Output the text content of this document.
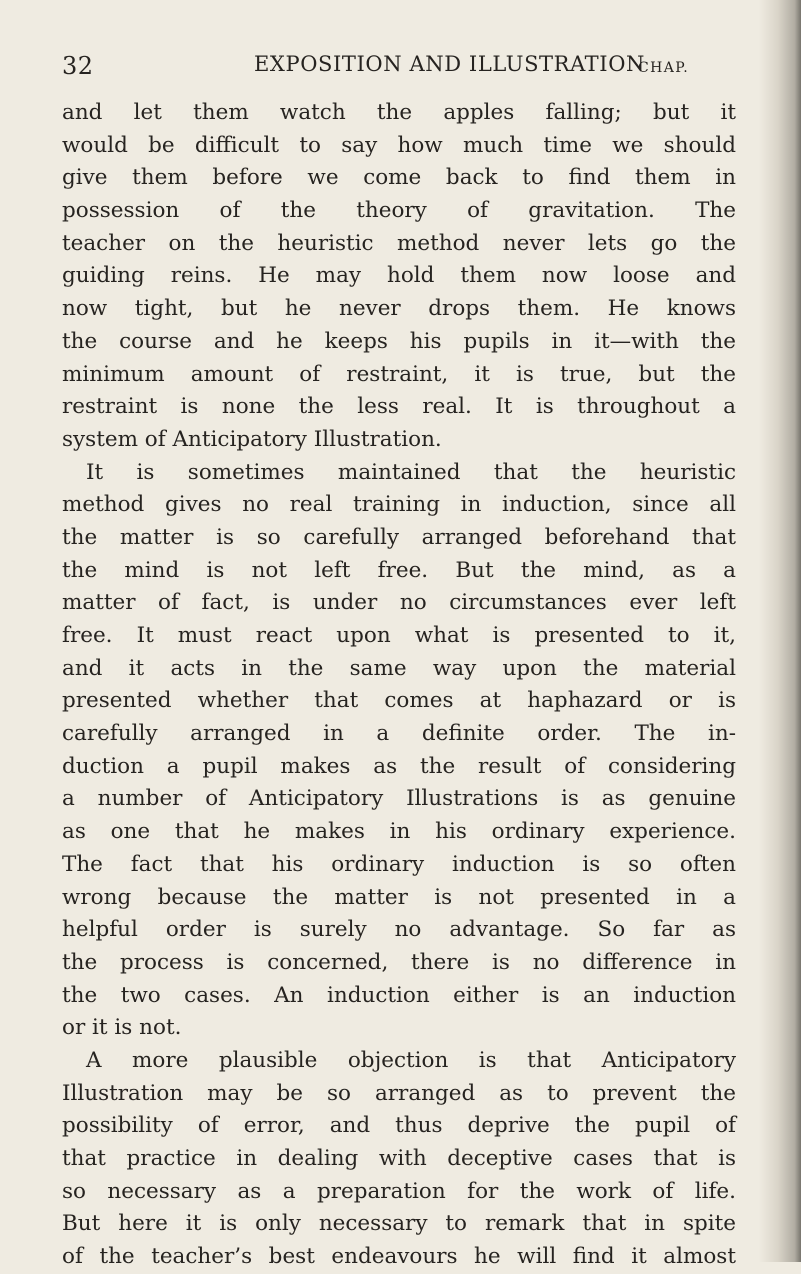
32	EXPOSITION AND ILLUSTRATION
CHAP.
and let them watch the apples falling; but it
would be difficult to say how much time we should
give them before we come back to find them in
possession of the theory of gravitation. The
teacher on the heuristic method never lets go the
guiding reins. He may hold them now loose and
now tight, but he never drops them. He knows
the course and he keeps his pupils in it—with the
minimum amount of restraint, it is true, but the
restraint is none the less real. It is throughout a
system of Anticipatory Illustration.
It is sometimes maintained that the heuristic
method gives no real training in induction, since all
the matter is so carefully arranged beforehand that
the mind is not left free. But the mind, as a
matter of fact, is under no circumstances ever left
free. It must react upon what is presented to it,
and it acts in the same way upon the material
presented whether that comes at haphazard or is
carefully arranged in a definite order. The in-
duction a pupil makes as the result of considering
a number of Anticipatory Illustrations is as genuine
as one that he makes in his ordinary experience.
The fact that his ordinary induction is so often
wrong because the matter is not presented in a
helpful order is surely no advantage. So far as
the process is concerned, there is no difference in
the two cases. An induction either is an induction
or it is not.
A more plausible objection is that Anticipatory
Illustration may be so arranged as to prevent the
possibility of error, and thus deprive the pupil of
that practice in dealing with deceptive cases that is
so necessary as a preparation for the work of life.
But here it is only necessary to remark that in spite
of the teacher’s best endeavours he will find it almost
